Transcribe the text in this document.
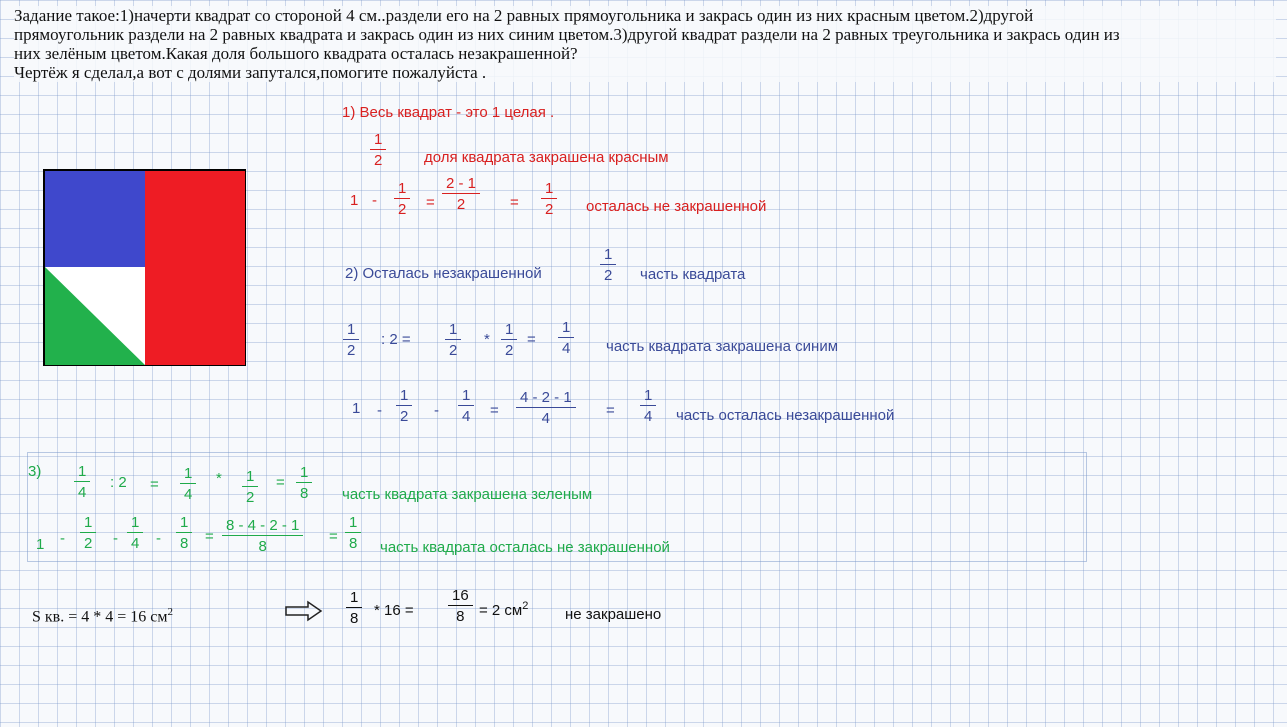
Задание такое:1)начерти квадрат со стороной 4 см..раздели его на 2 равных прямоугольника и закрась один из них красным цветом.2)другой

прямоугольник раздели на 2 равных квадрата и закрась один из них синим цветом.3)другой квадрат раздели на 2 равных треугольника и закрась один из

них зелёным цветом.Какая доля большого квадрата осталась незакрашенной?

Чертёж я сделал,а вот с долями запутался,помогите пожалуйста .

1) Весь квадрат - это 1 целая .
$\frac{1}{2}$	доля квадрата закрашена красным
$1 - \frac{1}{2} = \frac{2 - 1}{2} = \frac{1}{2}$ осталась не закрашенной
2) Осталась незакрашенной	$\frac{1}{2}$ часть квадрата
$\frac{1}{2}$ : $2 = \frac{1}{2} * \frac{1}{2} = \frac{1}{4}$ часть квадрата закрашена синим
$1 - \frac{1}{2} - \frac{1}{4} = \frac{4 - 2 - 1}{4} = \frac{1}{4}$ часть осталась незакрашенной
$3) \frac{1}{4}$ : $2 = \frac{1}{4} * \frac{1}{2} = \frac{1}{8}$ часть квадрата закрашена зеленым
$1 - \frac{1}{2} - \frac{1}{4} - \frac{1}{8} = \frac{8 - 4 - 2 - 1}{8} = \frac{1}{8}$ часть квадрата осталась не закрашенной
S кв. = 4 * 4 = 16 $см^2$	$\frac{1}{8} * 16 = \frac{16}{8} = 2$ $см^2$ не закрашено
